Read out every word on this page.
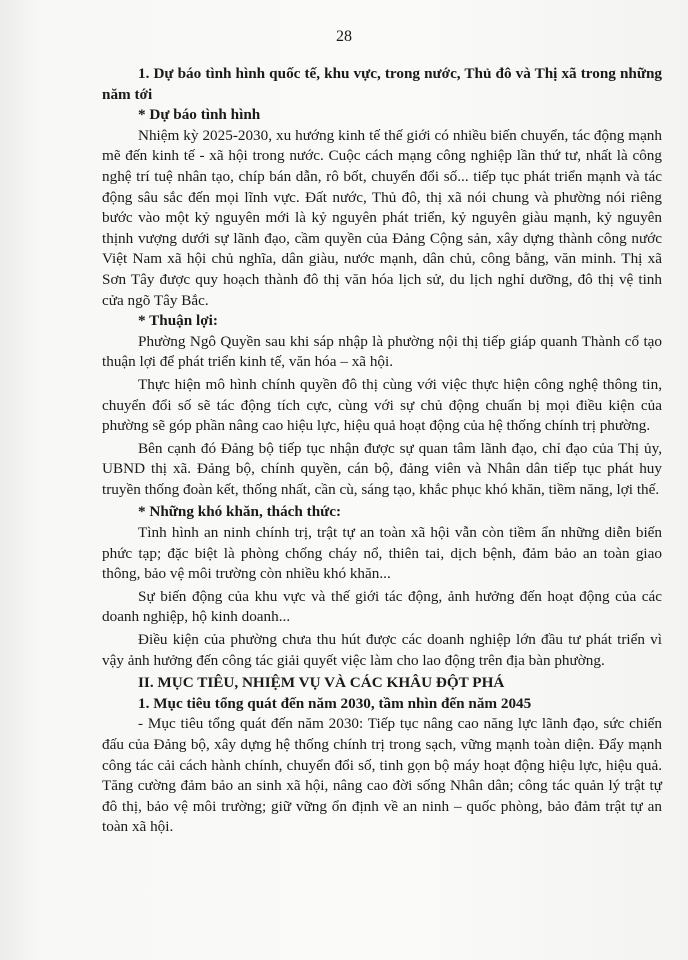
28

1. Dự báo tình hình quốc tế, khu vực, trong nước, Thủ đô và Thị xã trong những năm tới

* Dự báo tình hình

Nhiệm kỳ 2025-2030, xu hướng kinh tế thế giới có nhiều biến chuyển, tác động mạnh mẽ đến kinh tế - xã hội trong nước. Cuộc cách mạng công nghiệp lần thứ tư, nhất là công nghệ trí tuệ nhân tạo, chíp bán dẫn, rô bốt, chuyển đổi số... tiếp tục phát triển mạnh và tác động sâu sắc đến mọi lĩnh vực. Đất nước, Thủ đô, thị xã nói chung và phường nói riêng bước vào một kỷ nguyên mới là kỷ nguyên phát triển, kỷ nguyên giàu mạnh, kỷ nguyên thịnh vượng dưới sự lãnh đạo, cầm quyền của Đảng Cộng sản, xây dựng thành công nước Việt Nam xã hội chủ nghĩa, dân giàu, nước mạnh, dân chủ, công bằng, văn minh. Thị xã Sơn Tây được quy hoạch thành đô thị văn hóa lịch sử, du lịch nghỉ dưỡng, đô thị vệ tinh cửa ngõ Tây Bắc.

* Thuận lợi:

Phường Ngô Quyền sau khi sáp nhập là phường nội thị tiếp giáp quanh Thành cổ tạo thuận lợi để phát triển kinh tế, văn hóa – xã hội.

Thực hiện mô hình chính quyền đô thị cùng với việc thực hiện công nghệ thông tin, chuyển đổi số sẽ tác động tích cực, cùng với sự chủ động chuẩn bị mọi điều kiện của phường sẽ góp phần nâng cao hiệu lực, hiệu quả hoạt động của hệ thống chính trị phường.

Bên cạnh đó Đảng bộ tiếp tục nhận được sự quan tâm lãnh đạo, chỉ đạo của Thị ủy, UBND thị xã. Đảng bộ, chính quyền, cán bộ, đảng viên và Nhân dân tiếp tục phát huy truyền thống đoàn kết, thống nhất, cần cù, sáng tạo, khắc phục khó khăn, tiềm năng, lợi thế.

* Những khó khăn, thách thức:

Tình hình an ninh chính trị, trật tự an toàn xã hội vẫn còn tiềm ẩn những diễn biến phức tạp; đặc biệt là phòng chống cháy nổ, thiên tai, dịch bệnh, đảm bảo an toàn giao thông, bảo vệ môi trường còn nhiều khó khăn...

Sự biến động của khu vực và thế giới tác động, ảnh hưởng đến hoạt động của các doanh nghiệp, hộ kinh doanh...

Điều kiện của phường chưa thu hút được các doanh nghiệp lớn đầu tư phát triển vì vậy ảnh hưởng đến công tác giải quyết việc làm cho lao động trên địa bàn phường.

II. MỤC TIÊU, NHIỆM VỤ VÀ CÁC KHÂU ĐỘT PHÁ

1. Mục tiêu tổng quát đến năm 2030, tầm nhìn đến năm 2045

- Mục tiêu tổng quát đến năm 2030: Tiếp tục nâng cao năng lực lãnh đạo, sức chiến đấu của Đảng bộ, xây dựng hệ thống chính trị trong sạch, vững mạnh toàn diện. Đẩy mạnh công tác cải cách hành chính, chuyển đổi số, tinh gọn bộ máy hoạt động hiệu lực, hiệu quả. Tăng cường đảm bảo an sinh xã hội, nâng cao đời sống Nhân dân; công tác quản lý trật tự đô thị, bảo vệ môi trường; giữ vững ổn định về an ninh – quốc phòng, bảo đảm trật tự an toàn xã hội.
